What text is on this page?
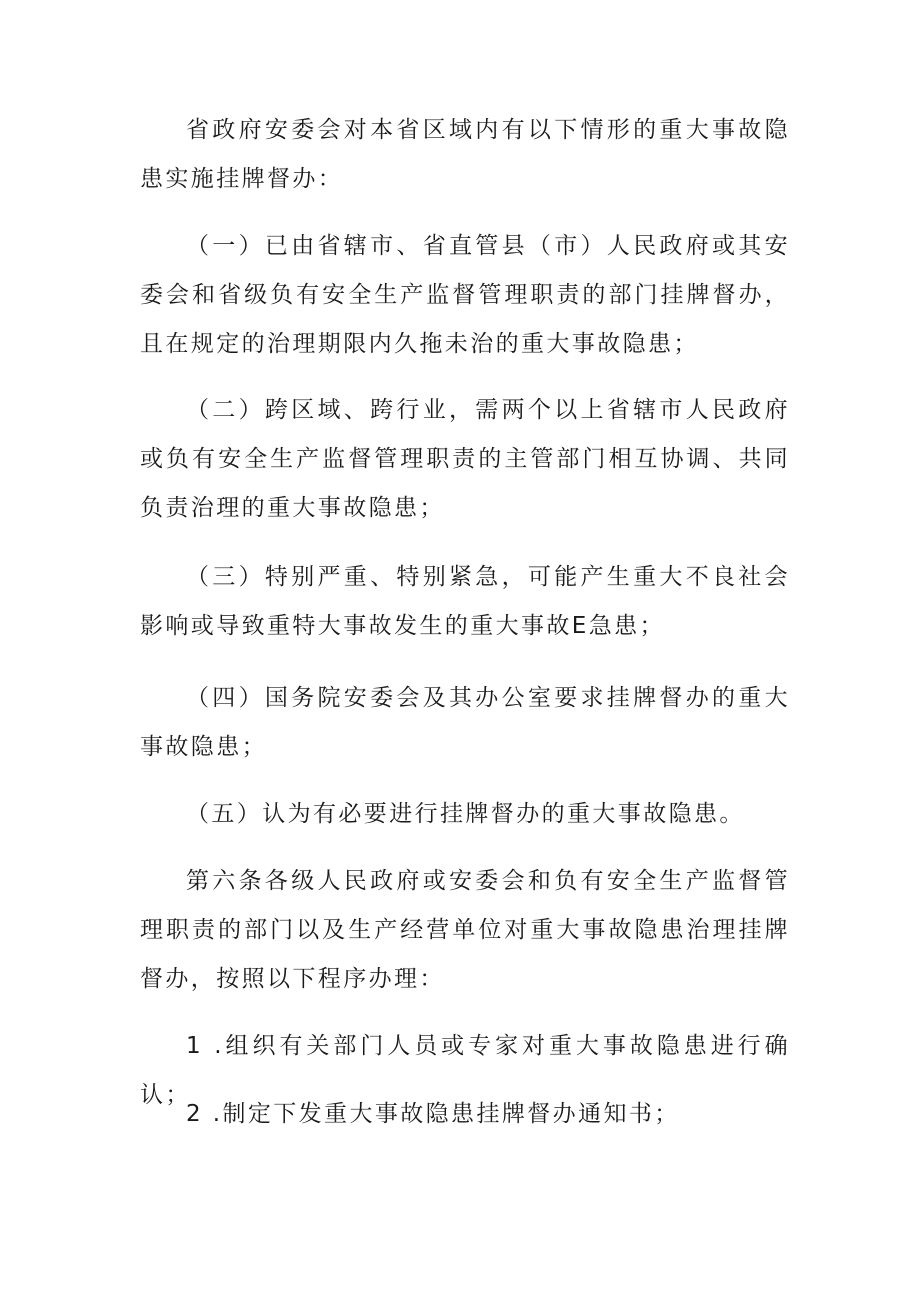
省政府安委会对本省区域内有以下情形的重大事故隐患实施挂牌督办：

（一）已由省辖市、省直管县（市）人民政府或其安委会和省级负有安全生产监督管理职责的部门挂牌督办，且在规定的治理期限内久拖未治的重大事故隐患；

（二）跨区域、跨行业，需两个以上省辖市人民政府或负有安全生产监督管理职责的主管部门相互协调、共同负责治理的重大事故隐患；

（三）特别严重、特别紧急，可能产生重大不良社会影响或导致重特大事故发生的重大事故E急患；

（四）国务院安委会及其办公室要求挂牌督办的重大事故隐患；

（五）认为有必要进行挂牌督办的重大事故隐患。

第六条各级人民政府或安委会和负有安全生产监督管理职责的部门以及生产经营单位对重大事故隐患治理挂牌督办，按照以下程序办理：

1 .组织有关部门人员或专家对重大事故隐患进行确认；

2 .制定下发重大事故隐患挂牌督办通知书；
